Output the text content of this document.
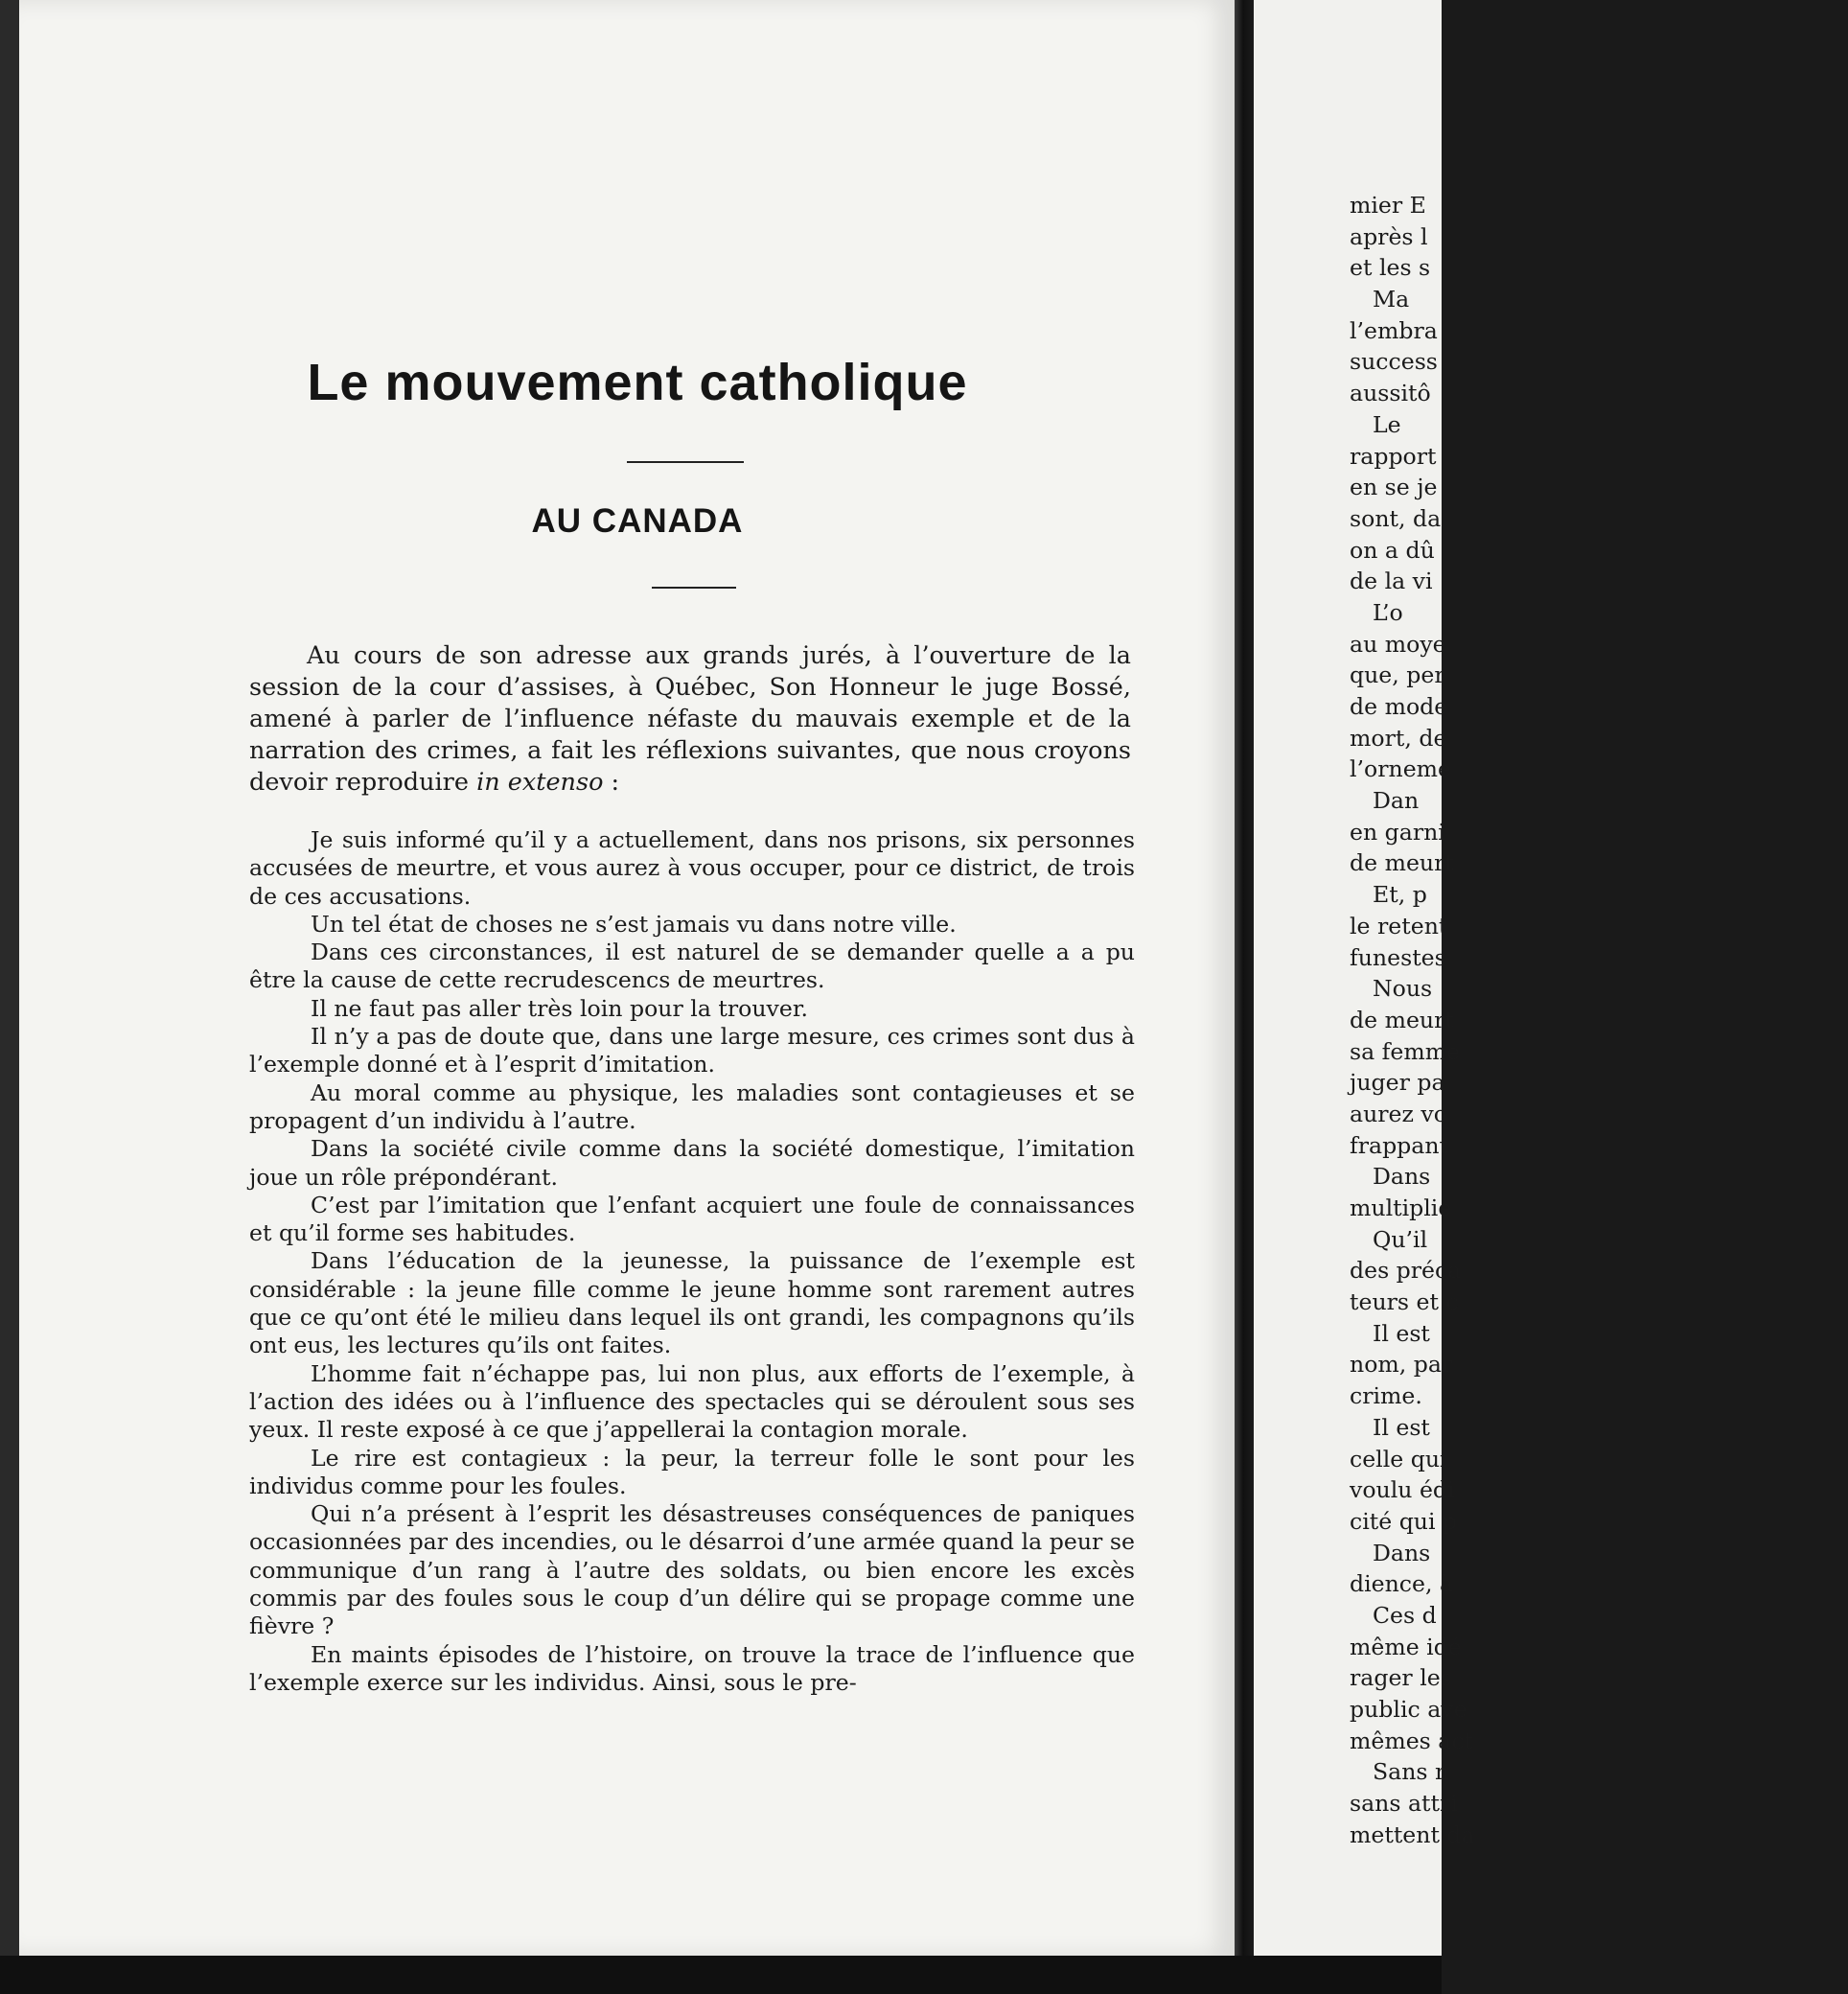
Le mouvement catholique
AU CANADA

Au cours de son adresse aux grands jurés, à l’ouverture de la session de la cour d’assises, à Québec, Son Honneur le juge Bossé, amené à parler de l’influence néfaste du mauvais exemple et de la narration des crimes, a fait les réflexions suivantes, que nous croyons devoir reproduire in extenso :

Je suis informé qu’il y a actuellement, dans nos prisons, six personnes accusées de meurtre, et vous aurez à vous occuper, pour ce district, de trois de ces accusations.

Un tel état de choses ne s’est jamais vu dans notre ville.

Dans ces circonstances, il est naturel de se demander quelle a a pu être la cause de cette recrudescencs de meurtres.

Il ne faut pas aller très loin pour la trouver.

Il n’y a pas de doute que, dans une large mesure, ces crimes sont dus à l’exemple donné et à l’esprit d’imitation.

Au moral comme au physique, les maladies sont contagieuses et se propagent d’un individu à l’autre.

Dans la société civile comme dans la société domestique, l’imitation joue un rôle prépondérant.

C’est par l’imitation que l’enfant acquiert une foule de connaissances et qu’il forme ses habitudes.

Dans l’éducation de la jeunesse, la puissance de l’exemple est considérable : la jeune fille comme le jeune homme sont rarement autres que ce qu’ont été le milieu dans lequel ils ont grandi, les compagnons qu’ils ont eus, les lectures qu’ils ont faites.

L’homme fait n’échappe pas, lui non plus, aux efforts de l’exemple, à l’action des idées ou à l’influence des spectacles qui se déroulent sous ses yeux. Il reste exposé à ce que j’appellerai la contagion morale.

Le rire est contagieux : la peur, la terreur folle le sont pour les individus comme pour les foules.

Qui n’a présent à l’esprit les désastreuses conséquences de paniques occasionnées par des incendies, ou le désarroi d’une armée quand la peur se communique d’un rang à l’autre des soldats, ou bien encore les excès commis par des foules sous le coup d’un délire qui se propage comme une fièvre ?

En maints épisodes de l’histoire, on trouve la trace de l’influence que l’exemple exerce sur les individus. Ainsi, sous le pre-

mier E
après l
et les s
Ma
l’embra
success
aussitô
Le
rapport
en se je
sont, da
on a dû
de la vi
L’o
au moye
que, per
de mode
mort, de
l’orneme
Dan
en garni
de meurt
Et, p
le retent
funestes
Nous
de meurt
sa femme
juger pa
aurez vo
frappant
Dans
multiplie
Qu’il
des préca
teurs et c
Il est
nom, par
crime.
Il est
celle qui
voulu édi
cité qui p
Dans
dience, à
Ces d
même idé
rager les
public ave
mêmes act
Sans n
sans attri
mettent da
